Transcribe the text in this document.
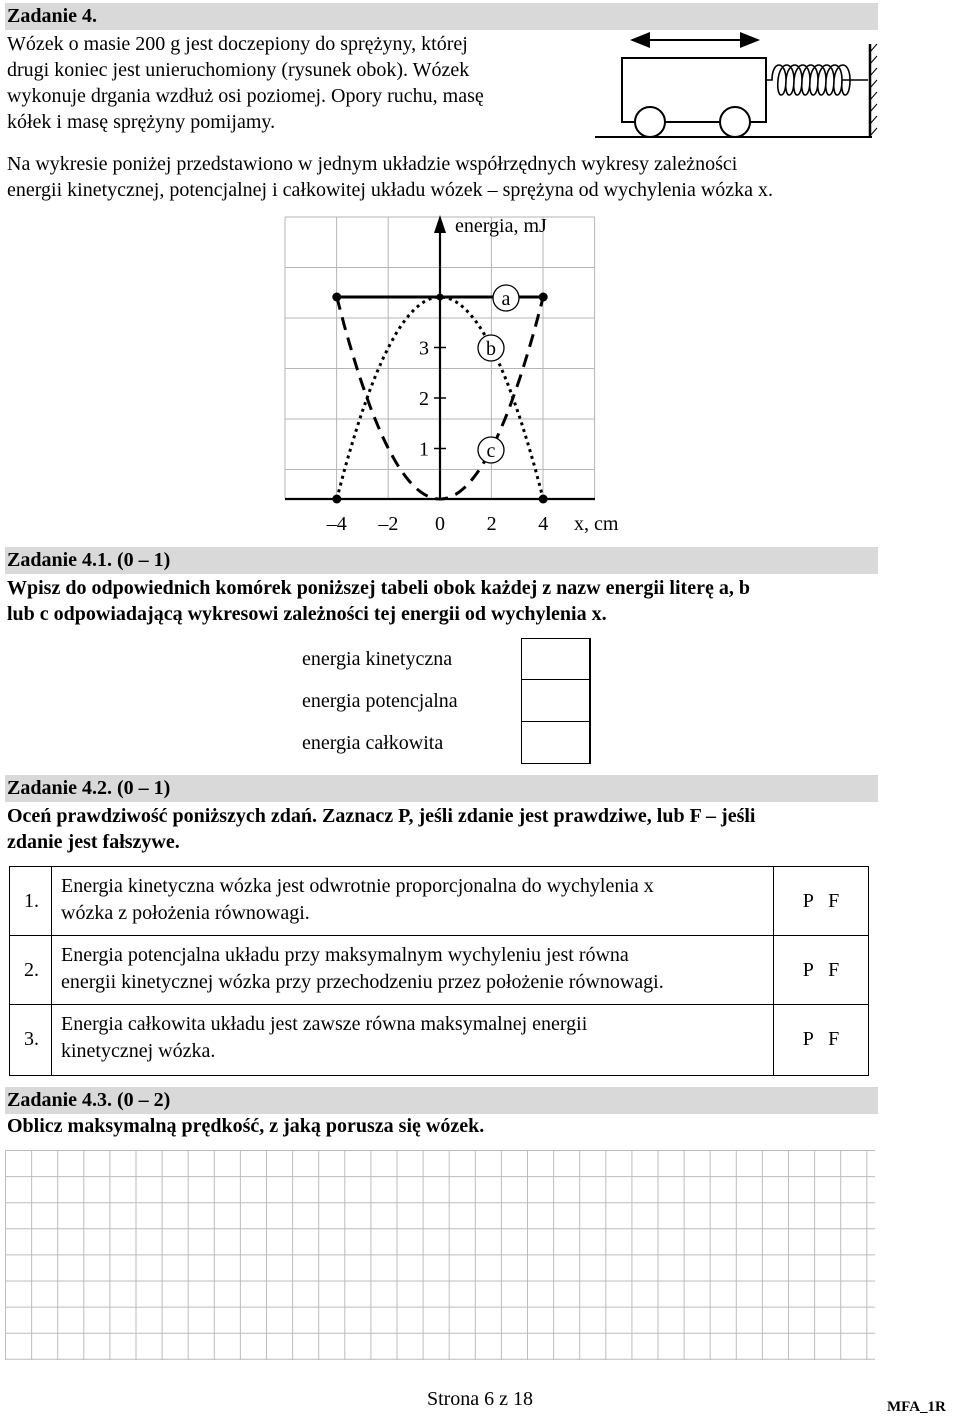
Zadanie 4.
Wózek o masie 200 g jest doczepiony do sprężyny, której
drugi koniec jest unieruchomiony (rysunek obok). Wózek
wykonuje drgania wzdłuż osi poziomej. Opory ruchu, masę
kółek i masę sprężyny pomijamy.
Na wykresie poniżej przedstawiono w jednym układzie współrzędnych wykresy zależności
energii kinetycznej, potencjalnej i całkowitej układu wózek – sprężyna od wychylenia wózka x.
1
2
3
–4 –2 0 2 4
energia, mJ
x, cm
a
b
c
Zadanie 4.1. (0 – 1)
Wpisz do odpowiednich komórek poniższej tabeli obok każdej z nazw energii literę a, b
lub c odpowiadającą wykresowi zależności tej energii od wychylenia x.
energia kinetyczna
energia potencjalna
energia całkowita
Zadanie 4.2. (0 – 1)
Oceń prawdziwość poniższych zdań. Zaznacz P, jeśli zdanie jest prawdziwe, lub F – jeśli
zdanie jest fałszywe.
1.
Energia kinetyczna wózka jest odwrotnie proporcjonalna do wychylenia x
wózka z położenia równowagi.
P   F
2.
Energia potencjalna układu przy maksymalnym wychyleniu jest równa
energii kinetycznej wózka przy przechodzeniu przez położenie równowagi.
P   F
3.
Energia całkowita układu jest zawsze równa maksymalnej energii
kinetycznej wózka.
P   F
Zadanie 4.3. (0 – 2)
Oblicz maksymalną prędkość, z jaką porusza się wózek.
Strona 6 z 18	MFA_1R
